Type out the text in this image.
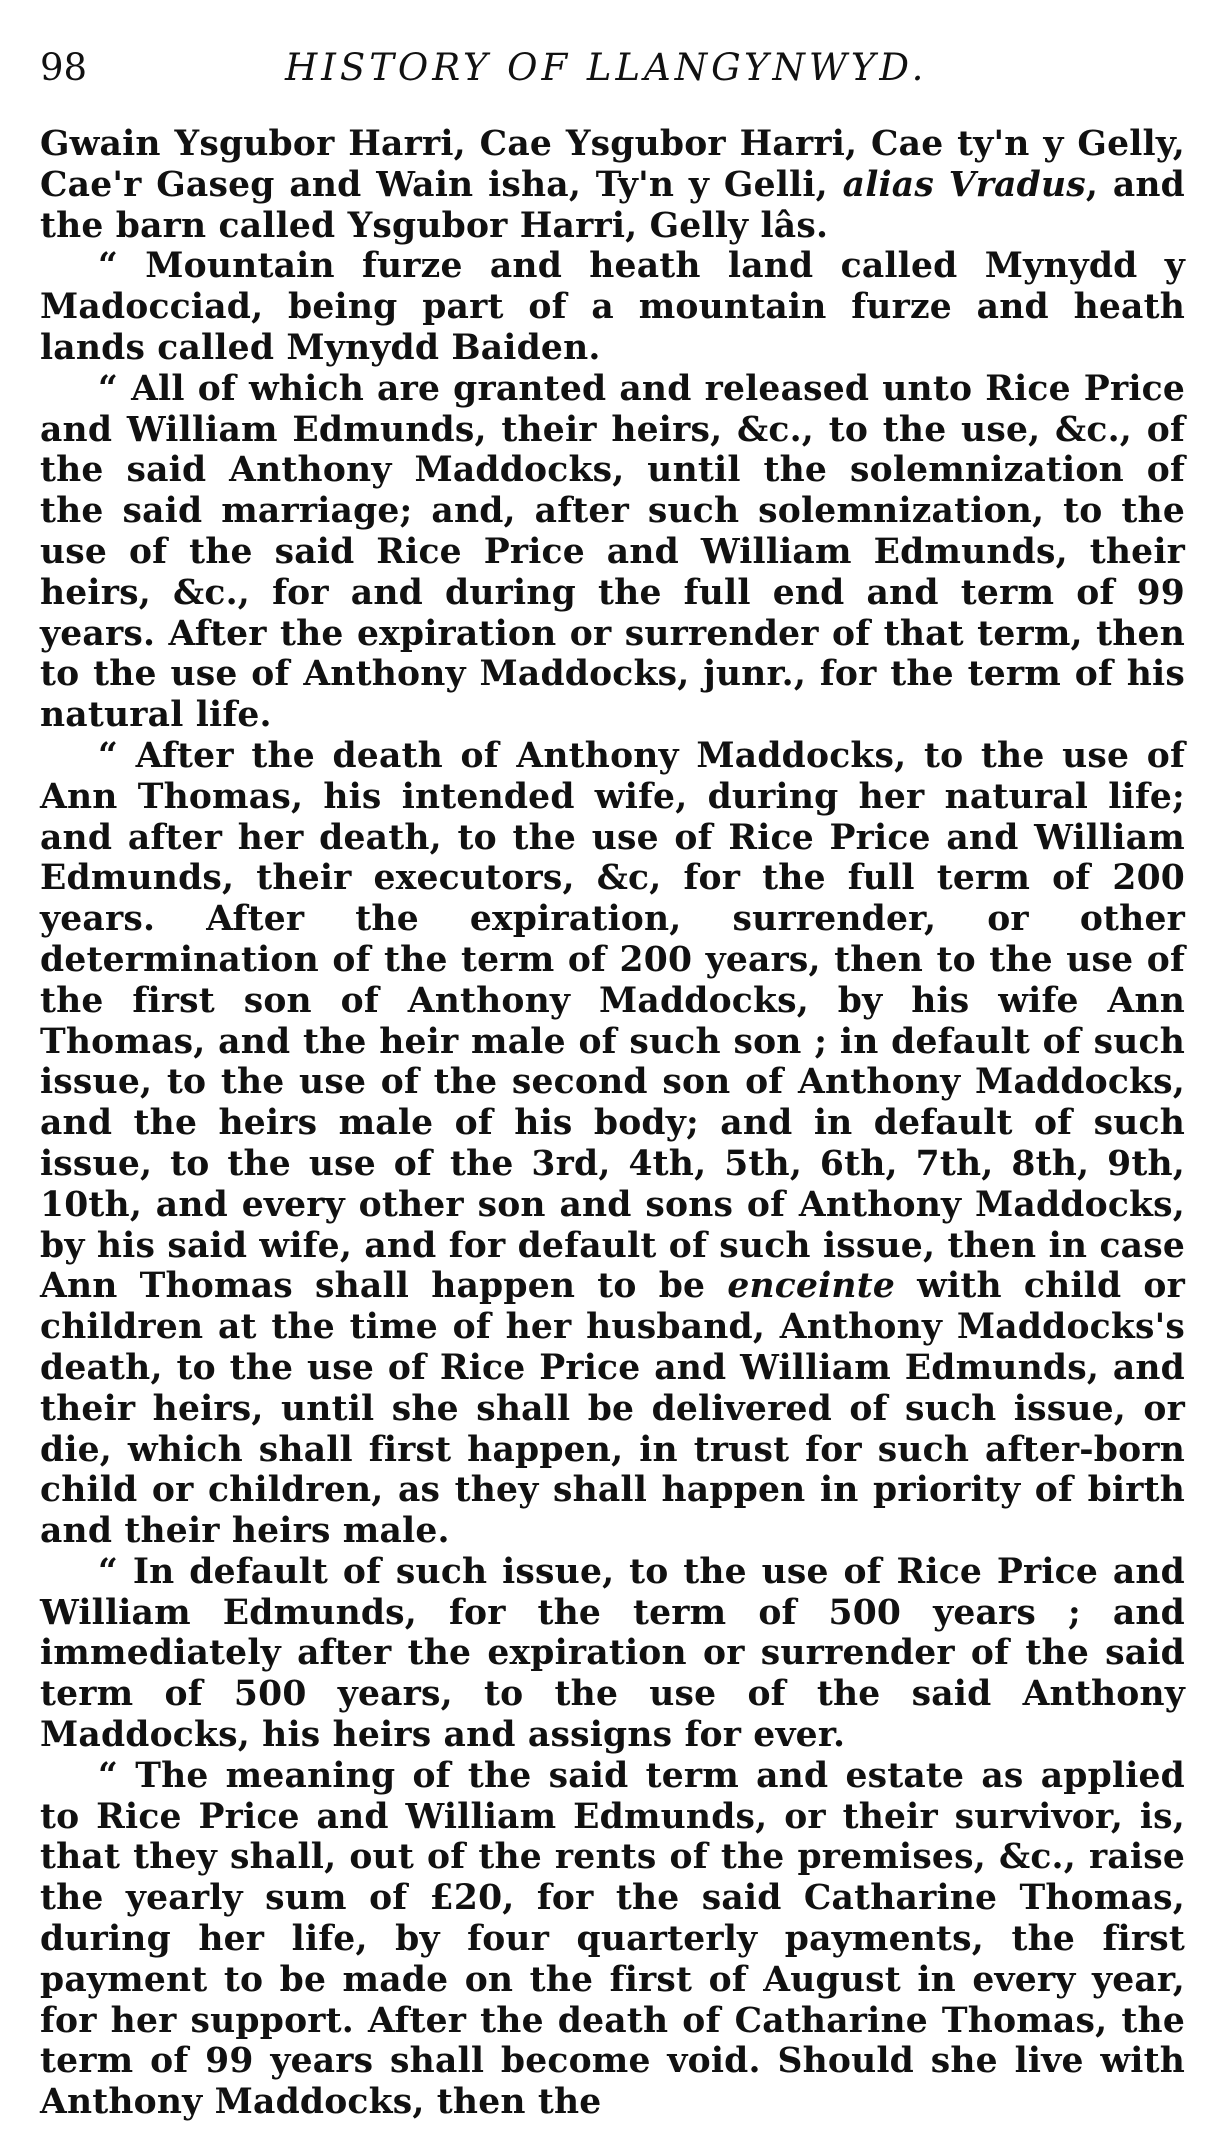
98	HISTORY OF LLANGYNWYD.

Gwain Ysgubor Harri, Cae Ysgubor Harri, Cae ty'n y Gelly, Cae'r Gaseg and Wain isha, Ty'n y Gelli, alias Vradus, and the barn called Ysgubor Harri, Gelly lâs.

“ Mountain furze and heath land called Mynydd y Madocciad, being part of a mountain furze and heath lands called Mynydd Baiden.

“ All of which are granted and released unto Rice Price and William Edmunds, their heirs, &c., to the use, &c., of the said Anthony Maddocks, until the solemnization of the said marriage; and, after such solemnization, to the use of the said Rice Price and William Edmunds, their heirs, &c., for and during the full end and term of 99 years. After the expiration or surrender of that term, then to the use of Anthony Maddocks, junr., for the term of his natural life.

“ After the death of Anthony Maddocks, to the use of Ann Thomas, his intended wife, during her natural life; and after her death, to the use of Rice Price and William Edmunds, their executors, &c, for the full term of 200 years. After the expiration, surrender, or other determination of the term of 200 years, then to the use of the first son of Anthony Maddocks, by his wife Ann Thomas, and the heir male of such son ; in default of such issue, to the use of the second son of Anthony Maddocks, and the heirs male of his body; and in default of such issue, to the use of the 3rd, 4th, 5th, 6th, 7th, 8th, 9th, 10th, and every other son and sons of Anthony Maddocks, by his said wife, and for default of such issue, then in case Ann Thomas shall happen to be enceinte with child or children at the time of her husband, Anthony Maddocks's death, to the use of Rice Price and William Edmunds, and their heirs, until she shall be delivered of such issue, or die, which shall first happen, in trust for such after-born child or children, as they shall happen in priority of birth and their heirs male.

“ In default of such issue, to the use of Rice Price and William Edmunds, for the term of 500 years ; and immediately after the expiration or surrender of the said term of 500 years, to the use of the said Anthony Maddocks, his heirs and assigns for ever.

“ The meaning of the said term and estate as applied to Rice Price and William Edmunds, or their survivor, is, that they shall, out of the rents of the premises, &c., raise the yearly sum of £20, for the said Catharine Thomas, during her life, by four quarterly payments, the first payment to be made on the first of August in every year, for her support. After the death of Catharine Thomas, the term of 99 years shall become void. Should she live with Anthony Maddocks, then the
